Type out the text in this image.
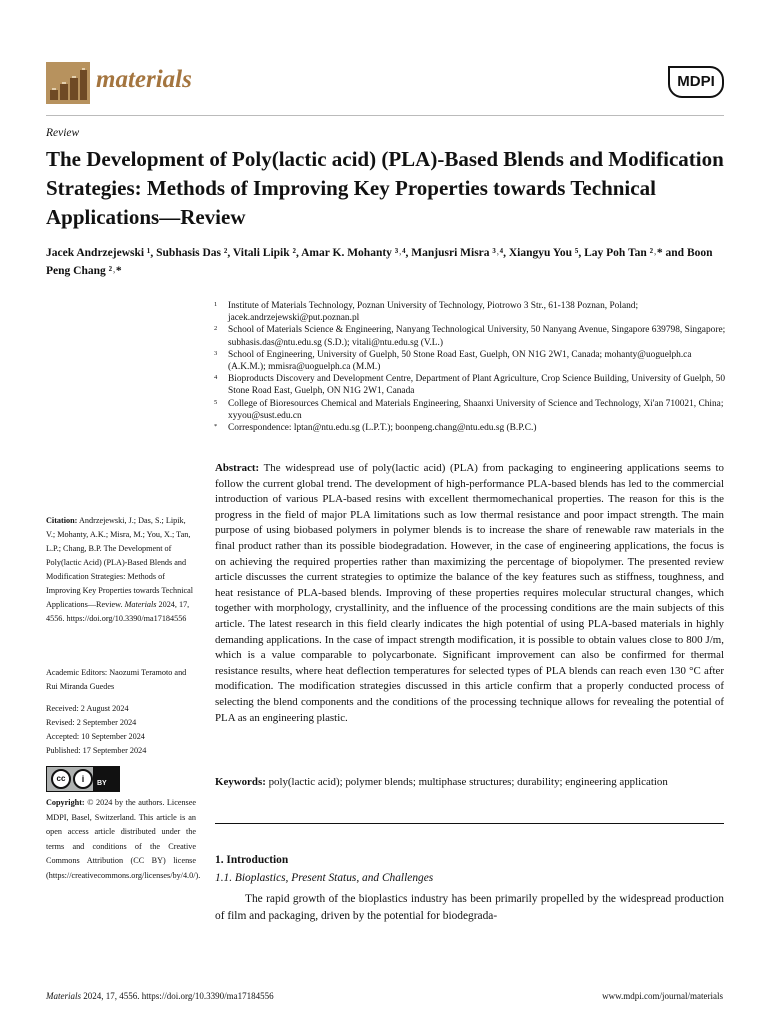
materials	MDPI
Review
The Development of Poly(lactic acid) (PLA)-Based Blends and Modification Strategies: Methods of Improving Key Properties towards Technical Applications—Review
Jacek Andrzejewski ¹, Subhasis Das ², Vitali Lipik ², Amar K. Mohanty ³˒⁴, Manjusri Misra ³˒⁴, Xiangyu You ⁵, Lay Poh Tan ²˒* and Boon Peng Chang ²˒*
1 Institute of Materials Technology, Poznan University of Technology, Piotrowo 3 Str., 61-138 Poznan, Poland; jacek.andrzejewski@put.poznan.pl
2 School of Materials Science & Engineering, Nanyang Technological University, 50 Nanyang Avenue, Singapore 639798, Singapore; subhasis.das@ntu.edu.sg (S.D.); vitali@ntu.edu.sg (V.L.)
3 School of Engineering, University of Guelph, 50 Stone Road East, Guelph, ON N1G 2W1, Canada; mohanty@uoguelph.ca (A.K.M.); mmisra@uoguelph.ca (M.M.)
4 Bioproducts Discovery and Development Centre, Department of Plant Agriculture, Crop Science Building, University of Guelph, 50 Stone Road East, Guelph, ON N1G 2W1, Canada
5 College of Bioresources Chemical and Materials Engineering, Shaanxi University of Science and Technology, Xi'an 710021, China; xyyou@sust.edu.cn
* Correspondence: lptan@ntu.edu.sg (L.P.T.); boonpeng.chang@ntu.edu.sg (B.P.C.)
Abstract: The widespread use of poly(lactic acid) (PLA) from packaging to engineering applications seems to follow the current global trend. The development of high-performance PLA-based blends has led to the commercial introduction of various PLA-based resins with excellent thermomechanical properties. The reason for this is the progress in the field of major PLA limitations such as low thermal resistance and poor impact strength. The main purpose of using biobased polymers in polymer blends is to increase the share of renewable raw materials in the final product rather than its possible biodegradation. However, in the case of engineering applications, the focus is on achieving the required properties rather than maximizing the percentage of biopolymer. The presented review article discusses the current strategies to optimize the balance of the key features such as stiffness, toughness, and heat resistance of PLA-based blends. Improving of these properties requires molecular structural changes, which together with morphology, crystallinity, and the influence of the processing conditions are the main subjects of this article. The latest research in this field clearly indicates the high potential of using PLA-based materials in highly demanding applications. In the case of impact strength modification, it is possible to obtain values close to 800 J/m, which is a value comparable to polycarbonate. Significant improvement can also be confirmed for thermal resistance results, where heat deflection temperatures for selected types of PLA blends can reach even 130 °C after modification. The modification strategies discussed in this article confirm that a properly conducted process of selecting the blend components and the conditions of the processing technique allows for revealing the potential of PLA as an engineering plastic.
Keywords: poly(lactic acid); polymer blends; multiphase structures; durability; engineering application
Citation: Andrzejewski, J.; Das, S.; Lipik, V.; Mohanty, A.K.; Misra, M.; You, X.; Tan, L.P.; Chang, B.P. The Development of Poly(lactic Acid) (PLA)-Based Blends and Modification Strategies: Methods of Improving Key Properties towards Technical Applications—Review. Materials 2024, 17, 4556. https://doi.org/10.3390/ma17184556
Academic Editors: Naozumi Teramoto and Rui Miranda Guedes
Received: 2 August 2024
Revised: 2 September 2024
Accepted: 10 September 2024
Published: 17 September 2024
cc	i	BY
Copyright: © 2024 by the authors. Licensee MDPI, Basel, Switzerland. This article is an open access article distributed under the terms and conditions of the Creative Commons Attribution (CC BY) license (https://creativecommons.org/licenses/by/4.0/).
1. Introduction
1.1. Bioplastics, Present Status, and Challenges
The rapid growth of the bioplastics industry has been primarily propelled by the widespread production of film and packaging, driven by the potential for biodegrada-
Materials 2024, 17, 4556. https://doi.org/10.3390/ma17184556	www.mdpi.com/journal/materials
